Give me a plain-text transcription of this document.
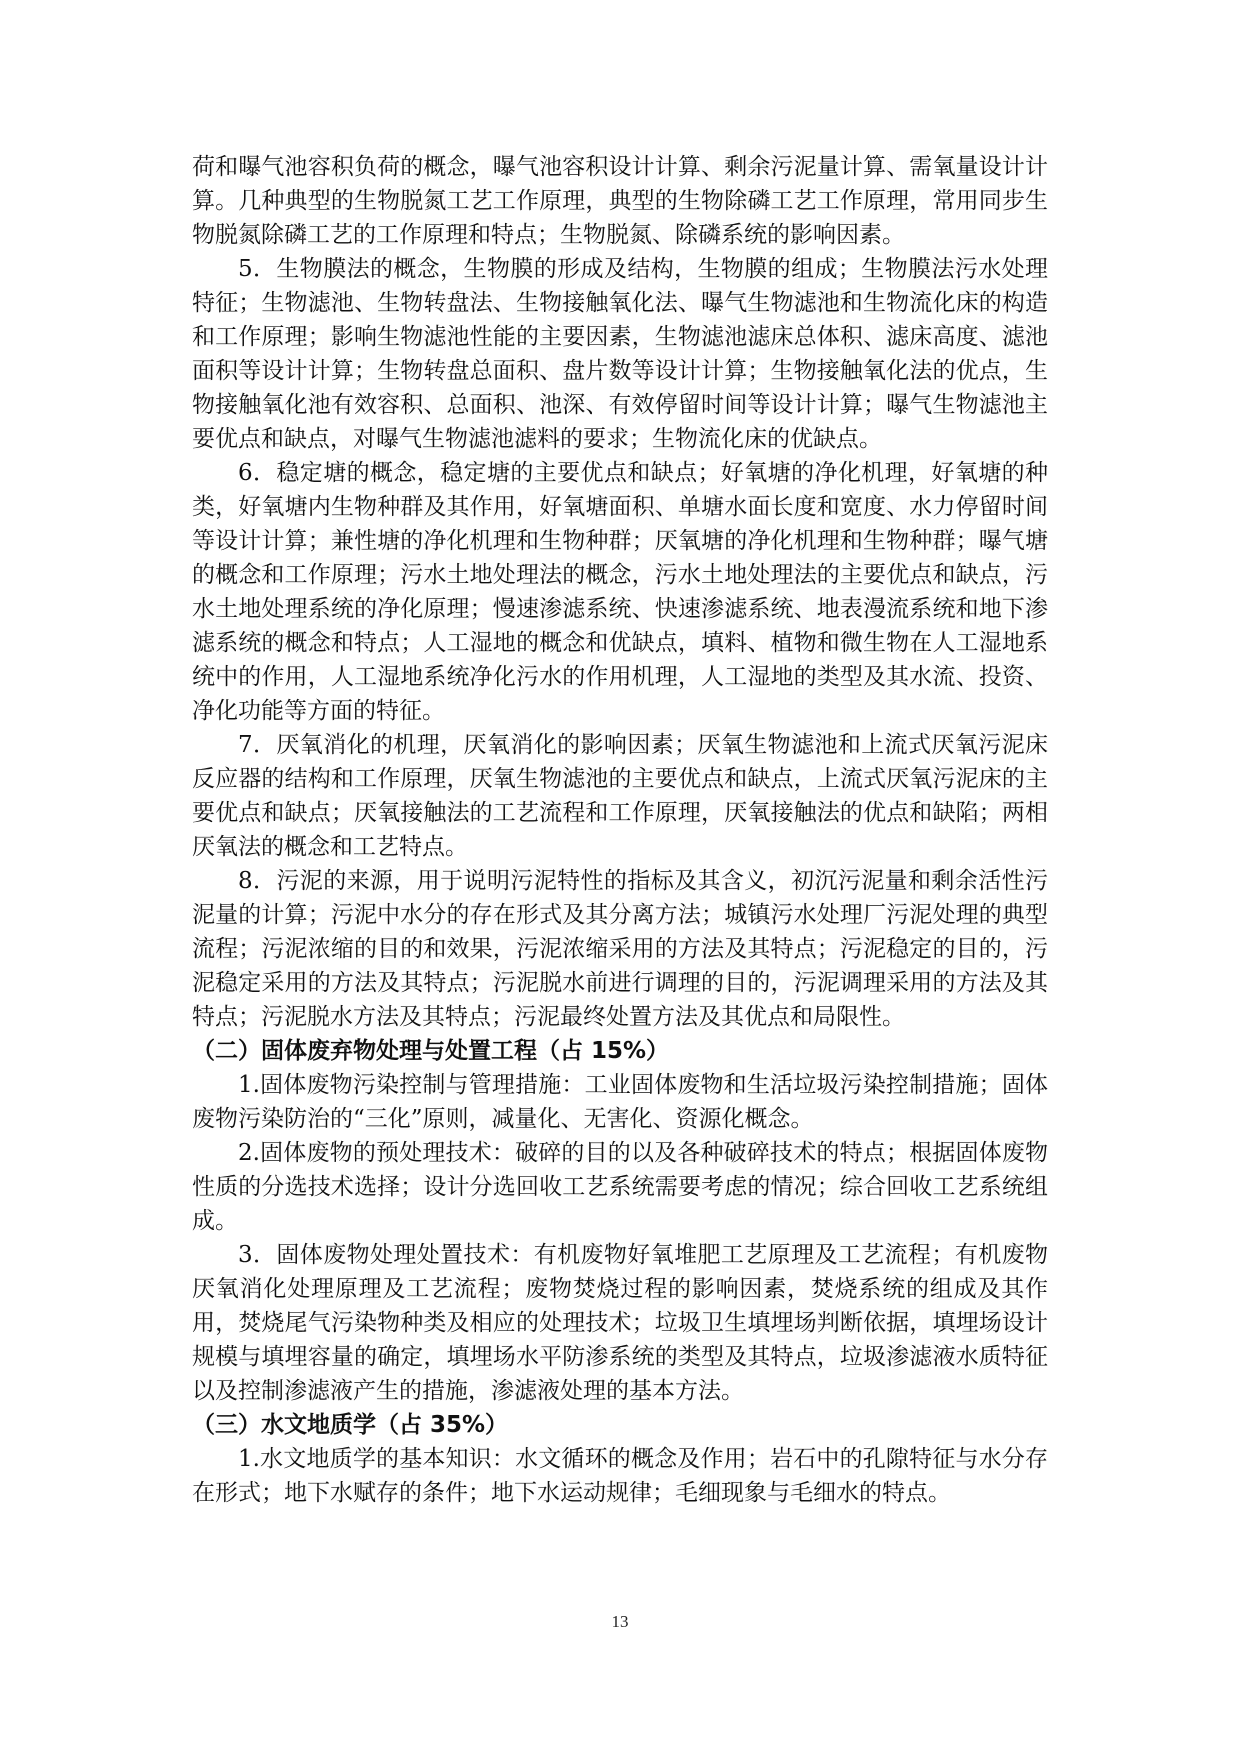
荷和曝气池容积负荷的概念，曝气池容积设计计算、剩余污泥量计算、需氧量设计计算。几种典型的生物脱氮工艺工作原理，典型的生物除磷工艺工作原理，常用同步生物脱氮除磷工艺的工作原理和特点；生物脱氮、除磷系统的影响因素。

5．生物膜法的概念，生物膜的形成及结构，生物膜的组成；生物膜法污水处理特征；生物滤池、生物转盘法、生物接触氧化法、曝气生物滤池和生物流化床的构造和工作原理；影响生物滤池性能的主要因素，生物滤池滤床总体积、滤床高度、滤池面积等设计计算；生物转盘总面积、盘片数等设计计算；生物接触氧化法的优点，生物接触氧化池有效容积、总面积、池深、有效停留时间等设计计算；曝气生物滤池主要优点和缺点，对曝气生物滤池滤料的要求；生物流化床的优缺点。

6．稳定塘的概念，稳定塘的主要优点和缺点；好氧塘的净化机理，好氧塘的种类，好氧塘内生物种群及其作用，好氧塘面积、单塘水面长度和宽度、水力停留时间等设计计算；兼性塘的净化机理和生物种群；厌氧塘的净化机理和生物种群；曝气塘的概念和工作原理；污水土地处理法的概念，污水土地处理法的主要优点和缺点，污水土地处理系统的净化原理；慢速渗滤系统、快速渗滤系统、地表漫流系统和地下渗滤系统的概念和特点；人工湿地的概念和优缺点，填料、植物和微生物在人工湿地系统中的作用，人工湿地系统净化污水的作用机理，人工湿地的类型及其水流、投资、净化功能等方面的特征。

7．厌氧消化的机理，厌氧消化的影响因素；厌氧生物滤池和上流式厌氧污泥床反应器的结构和工作原理，厌氧生物滤池的主要优点和缺点，上流式厌氧污泥床的主要优点和缺点；厌氧接触法的工艺流程和工作原理，厌氧接触法的优点和缺陷；两相厌氧法的概念和工艺特点。

8．污泥的来源，用于说明污泥特性的指标及其含义，初沉污泥量和剩余活性污泥量的计算；污泥中水分的存在形式及其分离方法；城镇污水处理厂污泥处理的典型流程；污泥浓缩的目的和效果，污泥浓缩采用的方法及其特点；污泥稳定的目的，污泥稳定采用的方法及其特点；污泥脱水前进行调理的目的，污泥调理采用的方法及其特点；污泥脱水方法及其特点；污泥最终处置方法及其优点和局限性。

（二）固体废弃物处理与处置工程（占 15%）

1.固体废物污染控制与管理措施：工业固体废物和生活垃圾污染控制措施；固体废物污染防治的“三化”原则，减量化、无害化、资源化概念。

2.固体废物的预处理技术：破碎的目的以及各种破碎技术的特点；根据固体废物性质的分选技术选择；设计分选回收工艺系统需要考虑的情况；综合回收工艺系统组成。

3．固体废物处理处置技术：有机废物好氧堆肥工艺原理及工艺流程；有机废物厌氧消化处理原理及工艺流程；废物焚烧过程的影响因素，焚烧系统的组成及其作用，焚烧尾气污染物种类及相应的处理技术；垃圾卫生填埋场判断依据，填埋场设计规模与填埋容量的确定，填埋场水平防渗系统的类型及其特点，垃圾渗滤液水质特征以及控制渗滤液产生的措施，渗滤液处理的基本方法。

（三）水文地质学（占 35%）

1.水文地质学的基本知识：水文循环的概念及作用；岩石中的孔隙特征与水分存在形式；地下水赋存的条件；地下水运动规律；毛细现象与毛细水的特点。

13
